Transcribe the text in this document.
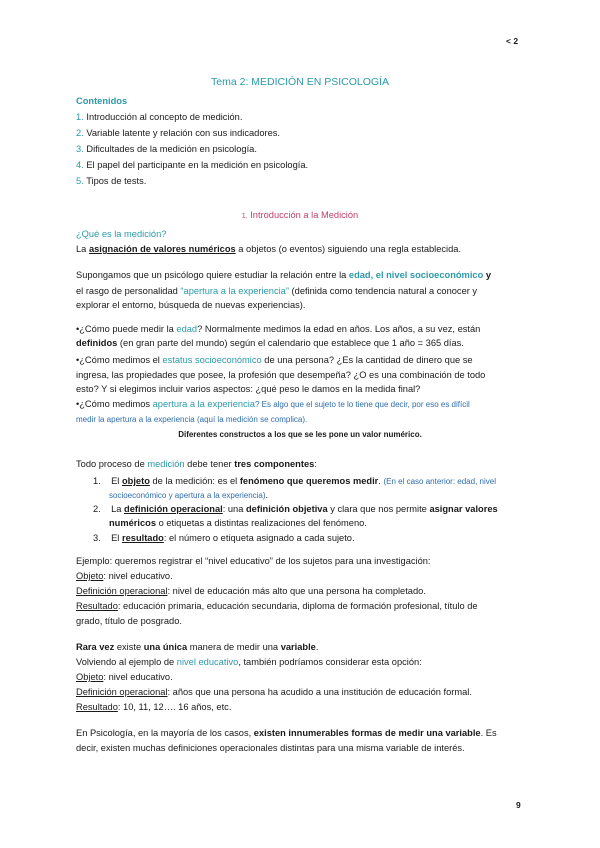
< 2
Tema 2: MEDICIÓN EN PSICOLOGÍA
Contenidos
1. Introducción al concepto de medición.
2. Variable latente y relación con sus indicadores.
3. Dificultades de la medición en psicología.
4. El papel del participante en la medición en psicología.
5. Tipos de tests.
1. Introducción a la Medición
¿Qué es la medición?
La asignación de valores numéricos a objetos (o eventos) siguiendo una regla establecida.
Supongamos que un psicólogo quiere estudiar la relación entre la edad, el nivel socioeconómico y
el rasgo de personalidad “apertura a la experiencia” (definida como tendencia natural a conocer y
explorar el entorno, búsqueda de nuevas experiencias).
•¿Cómo puede medir la edad? Normalmente medimos la edad en años. Los años, a su vez, están
definidos (en gran parte del mundo) según el calendario que establece que 1 año = 365 días.
•¿Cómo medimos el estatus socioeconómico de una persona? ¿Es la cantidad de dinero que se
ingresa, las propiedades que posee, la profesión que desempeña? ¿O es una combinación de todo
esto? Y si elegimos incluir varios aspectos: ¿qué peso le damos en la medida final?
•¿Cómo medimos apertura a la experiencia? Es algo que el sujeto te lo tiene que decir, por eso es difícil
medir la apertura a la experiencia (aquí la medición se complica).
Diferentes constructos a los que se les pone un valor numérico.
Todo proceso de medición debe tener tres componentes:
1. El objeto de la medición: es el fenómeno que queremos medir. (En el caso anterior: edad, nivel
socioeconómico y apertura a la experiencia).
2. La definición operacional: una definición objetiva y clara que nos permite asignar valores
numéricos o etiquetas a distintas realizaciones del fenómeno.
3. El resultado: el número o etiqueta asignado a cada sujeto.
Ejemplo: queremos registrar el “nivel educativo” de los sujetos para una investigación:
Objeto: nivel educativo.
Definición operacional: nivel de educación más alto que una persona ha completado.
Resultado: educación primaria, educación secundaria, diploma de formación profesional, título de
grado, título de posgrado.
Rara vez existe una única manera de medir una variable.
Volviendo al ejemplo de nivel educativo, también podríamos considerar esta opción:
Objeto: nivel educativo.
Definición operacional: años que una persona ha acudido a una institución de educación formal.
Resultado: 10, 11, 12…. 16 años, etc.
En Psicología, en la mayoría de los casos, existen innumerables formas de medir una variable. Es
decir, existen muchas definiciones operacionales distintas para una misma variable de interés.
9
